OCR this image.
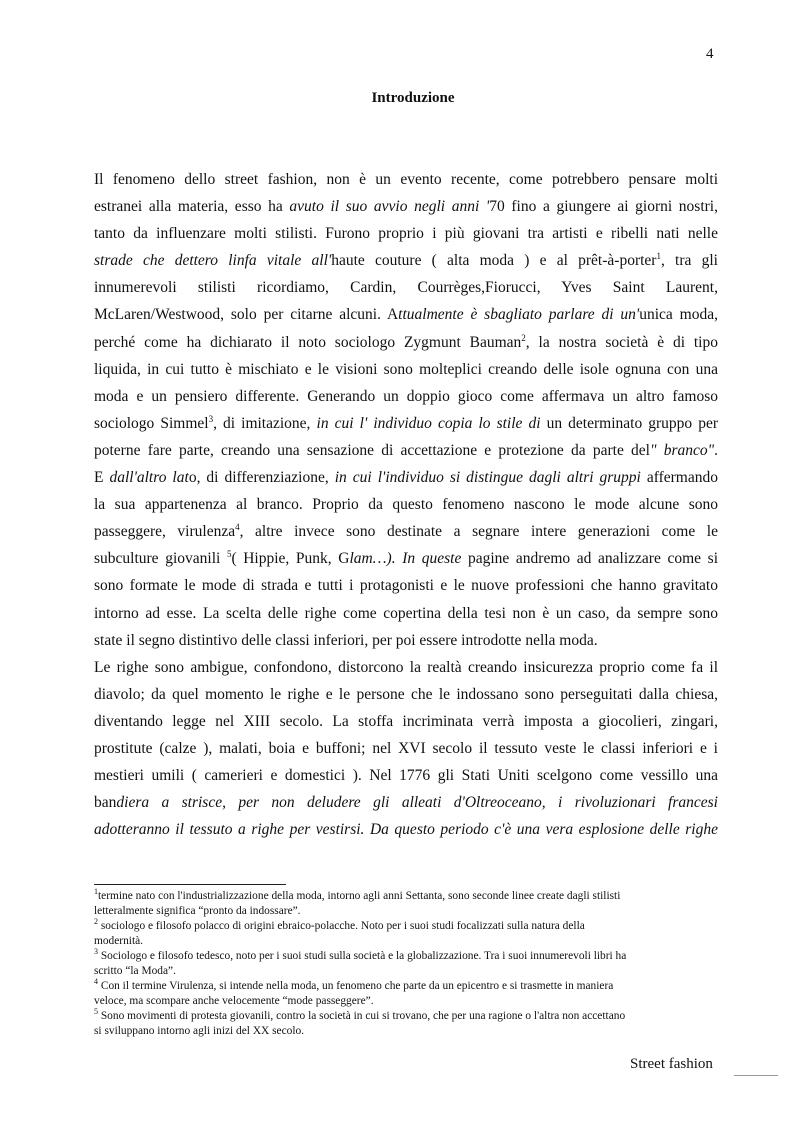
4
Introduzione
Il fenomeno dello street fashion, non è un evento recente, come potrebbero pensare molti
estranei alla materia, esso ha avuto il suo avvio negli anni '70 fino a giungere ai giorni nostri,
tanto da influenzare molti stilisti. Furono proprio i più giovani tra artisti e ribelli nati nelle
strade che dettero linfa vitale all'haute couture ( alta moda ) e al prêt-à-porter$^1$, tra gli
innumerevoli stilisti ricordiamo, Cardin, Courrèges,Fiorucci, Yves Saint Laurent,
McLaren/Westwood, solo per citarne alcuni. Attualmente è sbagliato parlare di un'unica moda,
perché come ha dichiarato il noto sociologo Zygmunt Bauman$^2$, la nostra società è di tipo
liquida, in cui tutto è mischiato e le visioni sono molteplici creando delle isole ognuna con una
moda e un pensiero differente. Generando un doppio gioco come affermava un altro famoso
sociologo Simmel$^3$, di imitazione, in cui l' individuo copia lo stile di un determinato gruppo per
poterne fare parte, creando una sensazione di accettazione e protezione da parte del" branco".
E dall'altro lato, di differenziazione, in cui l'individuo si distingue dagli altri gruppi affermando
la sua appartenenza al branco. Proprio da questo fenomeno nascono le mode alcune sono
passeggere, virulenza$^4$, altre invece sono destinate a segnare intere generazioni come le
subculture giovanili $^5$( Hippie, Punk, Glam…). In queste pagine andremo ad analizzare come si
sono formate le mode di strada e tutti i protagonisti e le nuove professioni che hanno gravitato
intorno ad esse. La scelta delle righe come copertina della tesi non è un caso, da sempre sono
state il segno distintivo delle classi inferiori, per poi essere introdotte nella moda.
Le righe sono ambigue, confondono, distorcono la realtà creando insicurezza proprio come fa il
diavolo; da quel momento le righe e le persone che le indossano sono perseguitati dalla chiesa,
diventando legge nel XIII secolo. La stoffa incriminata verrà imposta a giocolieri, zingari,
prostitute (calze ), malati, boia e buffoni; nel XVI secolo il tessuto veste le classi inferiori e i
mestieri umili ( camerieri e domestici ). Nel 1776 gli Stati Uniti scelgono come vessillo una
bandiera a strisce, per non deludere gli alleati d'Oltreoceano, i rivoluzionari francesi
adotteranno il tessuto a righe per vestirsi. Da questo periodo c'è una vera esplosione delle righe
$^1$termine nato con l'industrializzazione della moda, intorno agli anni Settanta, sono seconde linee create dagli stilisti
letteralmente significa “pronto da indossare”.
$^2$ sociologo e filosofo polacco di origini ebraico-polacche. Noto per i suoi studi focalizzati sulla natura della
modernità.
$^3$ Sociologo e filosofo tedesco, noto per i suoi studi sulla società e la globalizzazione. Tra i suoi innumerevoli libri ha
scritto “la Moda”.
$^4$ Con il termine Virulenza, si intende nella moda, un fenomeno che parte da un epicentro e si trasmette in maniera
veloce, ma scompare anche velocemente “mode passeggere”.
$^5$ Sono movimenti di protesta giovanili, contro la società in cui si trovano, che per una ragione o l'altra non accettano
si sviluppano intorno agli inizi del XX secolo.
Street fashion
